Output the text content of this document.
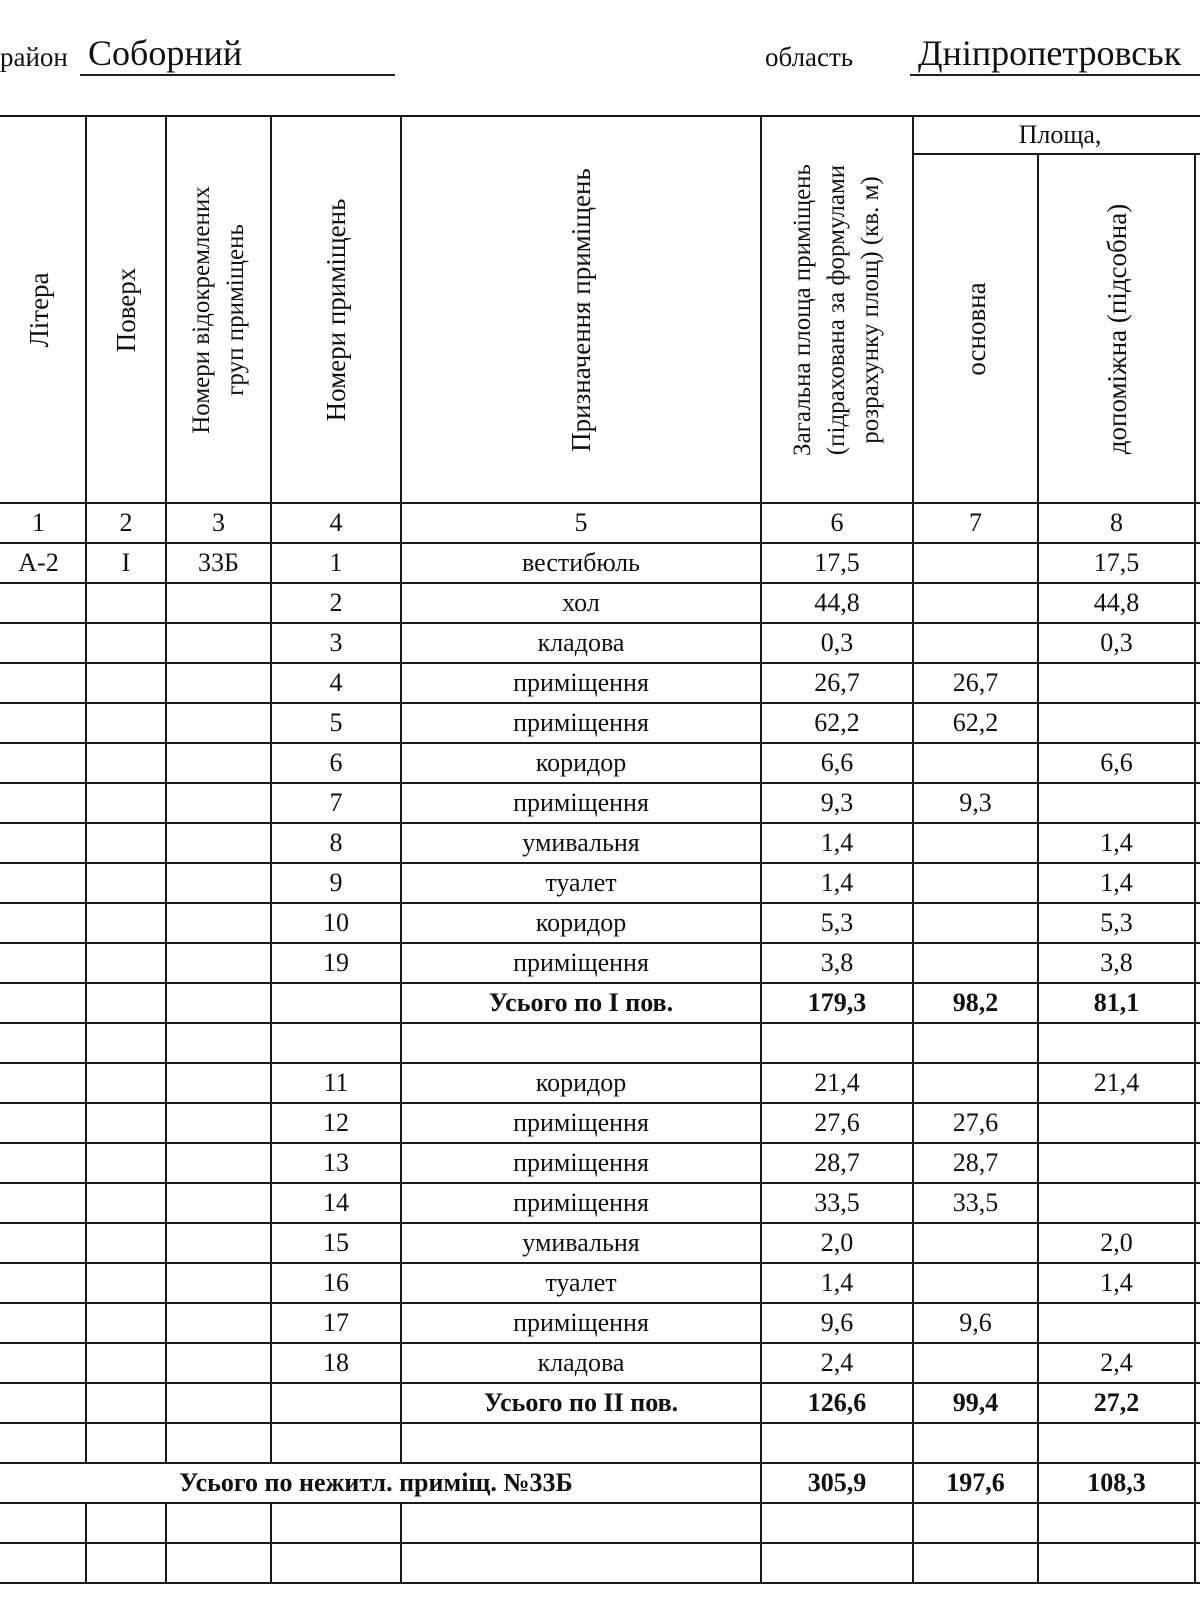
район Соборний	область Дніпропетровськ
Літера	Поверх	Номери відокремлених груп приміщень	Номери приміщень	Призначення приміщень	Загальна площа приміщень (підрахована за формулами розрахунку площ) (кв. м)	Площа,		

						основна	допоміжна (підсобна)	

1	2	3	4	5	6	7	8	
А-2	І	33Б	1	вестибюль	17,5		17,5	
			2	хол	44,8		44,8	
			3	кладова	0,3		0,3	
			4	приміщення	26,7	26,7		
			5	приміщення	62,2	62,2		
			6	коридор	6,6		6,6	
			7	приміщення	9,3	9,3		
			8	умивальня	1,4		1,4	
			9	туалет	1,4		1,4	
			10	коридор	5,3		5,3	
			19	приміщення	3,8		3,8	
				Усього по І пов.	179,3	98,2	81,1	

			11	коридор	21,4		21,4	
			12	приміщення	27,6	27,6		
			13	приміщення	28,7	28,7		
			14	приміщення	33,5	33,5		
			15	умивальня	2,0		2,0	
			16	туалет	1,4		1,4	
			17	приміщення	9,6	9,6		
			18	кладова	2,4		2,4	
				Усього по ІІ пов.	126,6	99,4	27,2	

Усього по нежитл. приміщ. №33Б					305,9	197,6	108,3	
